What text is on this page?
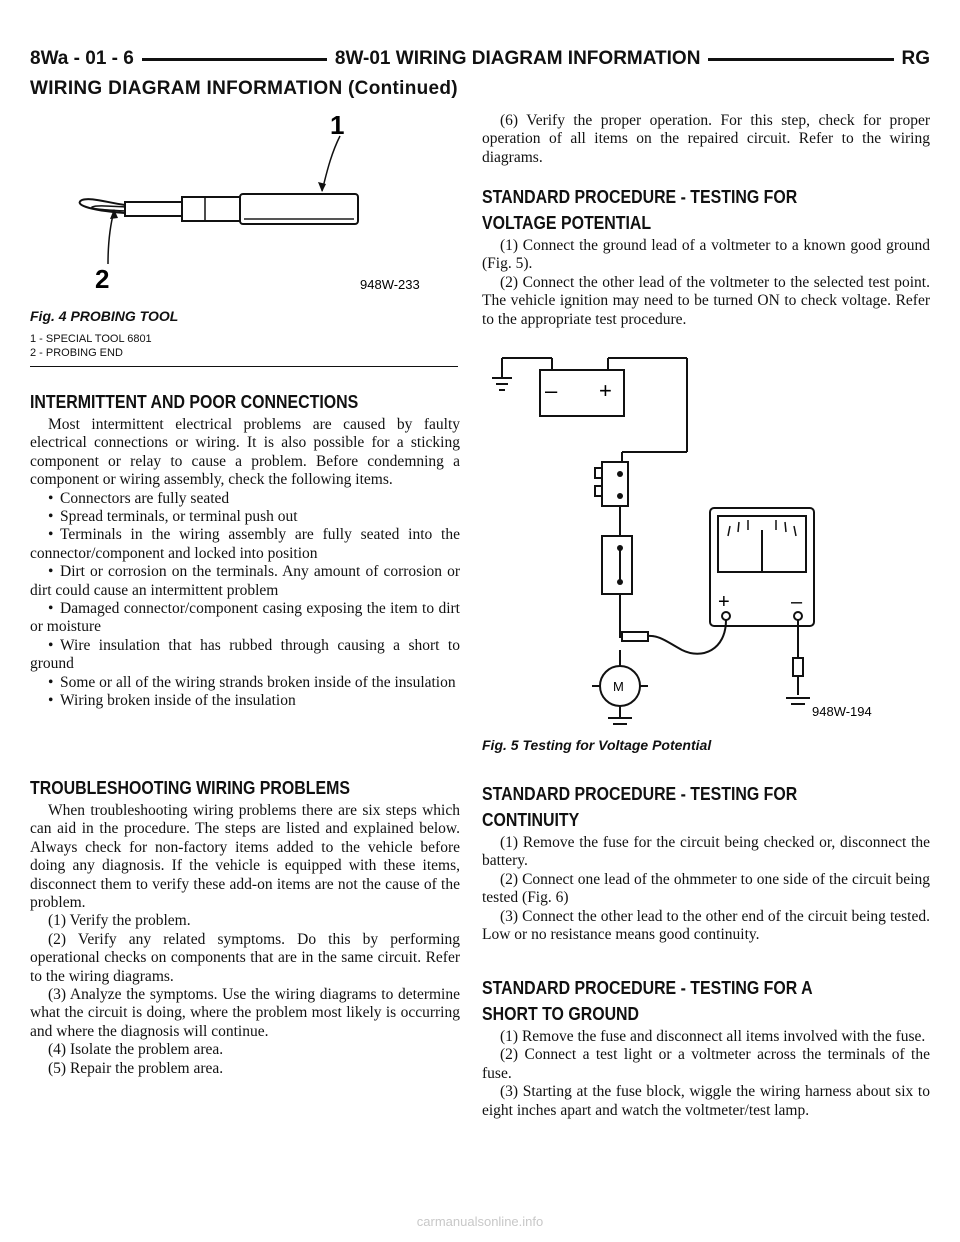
8Wa - 01 - 6	8W-01 WIRING DIAGRAM INFORMATION	RG
WIRING DIAGRAM INFORMATION (Continued)
1
2	948W-233
Fig. 4 PROBING TOOL
1 - SPECIAL TOOL 6801
2 - PROBING END
INTERMITTENT AND POOR CONNECTIONS

Most intermittent electrical problems are caused by faulty electrical connections or wiring. It is also possible for a sticking component or relay to cause a problem. Before condemning a component or wiring assembly, check the following items.

• Connectors are fully seated

• Spread terminals, or terminal push out

• Terminals in the wiring assembly are fully seated into the connector/component and locked into position

• Dirt or corrosion on the terminals. Any amount of corrosion or dirt could cause an intermittent problem

• Damaged connector/component casing exposing the item to dirt or moisture

• Wire insulation that has rubbed through causing a short to ground

• Some or all of the wiring strands broken inside of the insulation

• Wiring broken inside of the insulation

TROUBLESHOOTING WIRING PROBLEMS

When troubleshooting wiring problems there are six steps which can aid in the procedure. The steps are listed and explained below. Always check for non-factory items added to the vehicle before doing any diagnosis. If the vehicle is equipped with these items, disconnect them to verify these add-on items are not the cause of the problem.

(1) Verify the problem.

(2) Verify any related symptoms. Do this by performing operational checks on components that are in the same circuit. Refer to the wiring diagrams.

(3) Analyze the symptoms. Use the wiring diagrams to determine what the circuit is doing, where the problem most likely is occurring and where the diagnosis will continue.

(4) Isolate the problem area.

(5) Repair the problem area.

(6) Verify the proper operation. For this step, check for proper operation of all items on the repaired circuit. Refer to the wiring diagrams.

STANDARD PROCEDURE - TESTING FOR
VOLTAGE POTENTIAL

(1) Connect the ground lead of a voltmeter to a known good ground (Fig. 5).

(2) Connect the other lead of the voltmeter to the selected test point. The vehicle ignition may need to be turned ON to check voltage. Refer to the appropriate test procedure.

– +
+	–
M
948W-194
Fig. 5 Testing for Voltage Potential
STANDARD PROCEDURE - TESTING FOR
CONTINUITY

(1) Remove the fuse for the circuit being checked or, disconnect the battery.

(2) Connect one lead of the ohmmeter to one side of the circuit being tested (Fig. 6)

(3) Connect the other lead to the other end of the circuit being tested. Low or no resistance means good continuity.

STANDARD PROCEDURE - TESTING FOR A
SHORT TO GROUND

(1) Remove the fuse and disconnect all items involved with the fuse.

(2) Connect a test light or a voltmeter across the terminals of the fuse.

(3) Starting at the fuse block, wiggle the wiring harness about six to eight inches apart and watch the voltmeter/test lamp.

carmanualsonline.info
